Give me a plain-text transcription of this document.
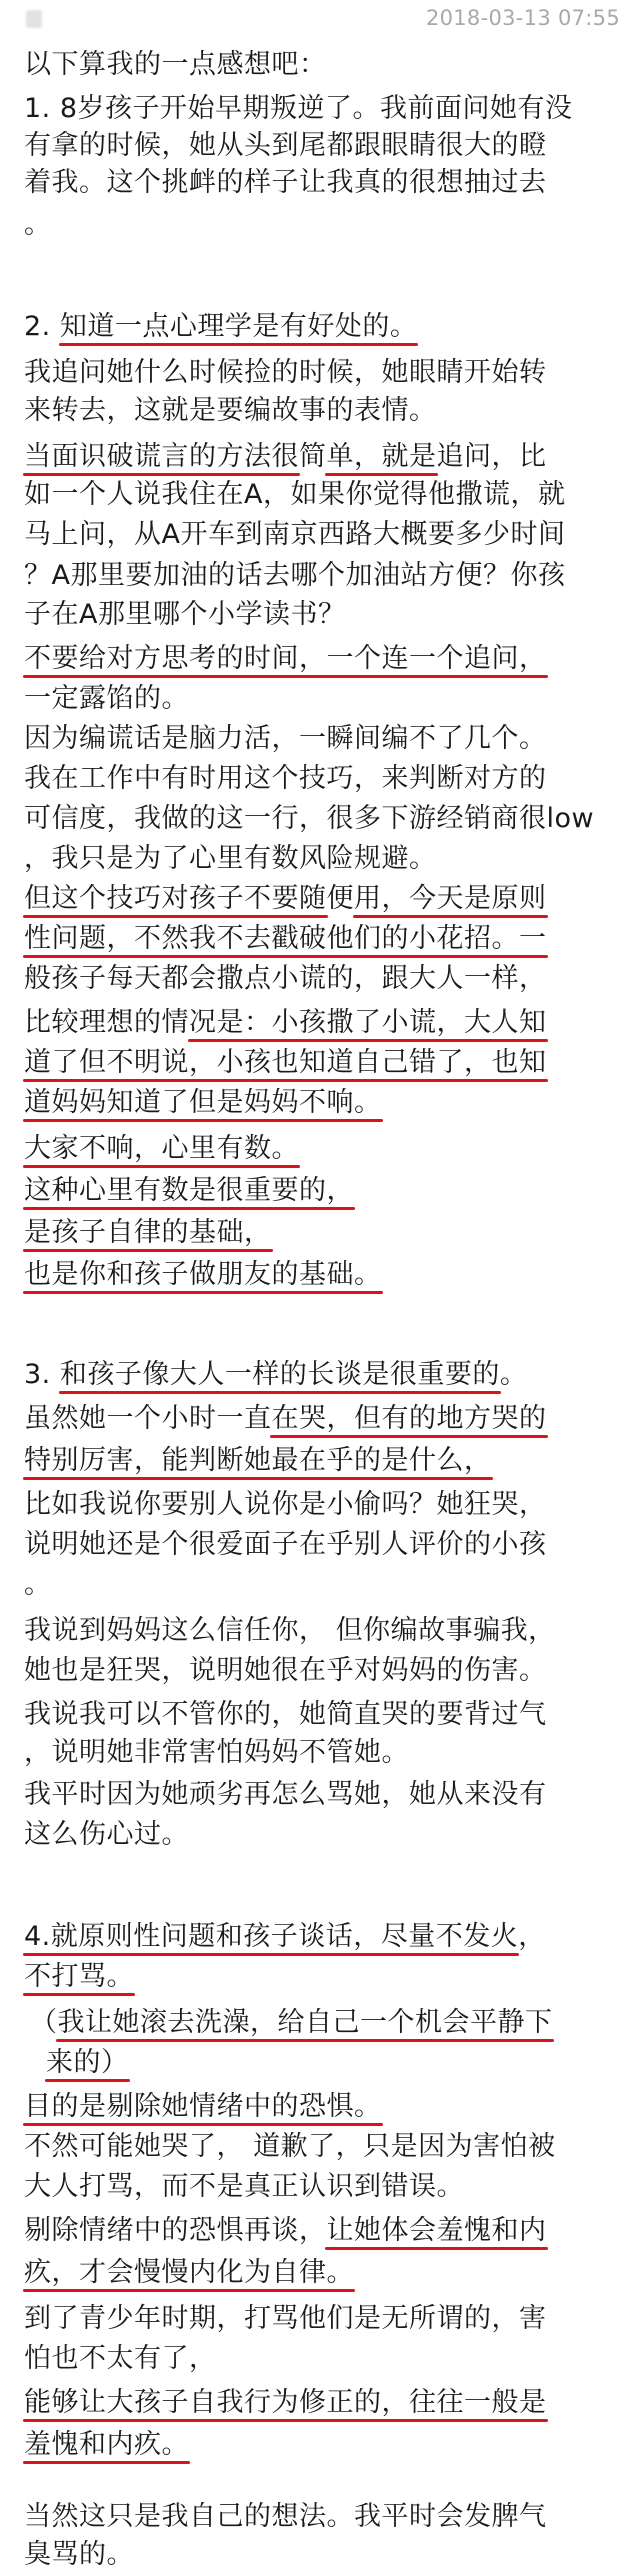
2018-03-13 07:55
以下算我的一点感想吧：
1. 8岁孩子开始早期叛逆了。我前面问她有没
有拿的时候，她从头到尾都跟眼睛很大的瞪
着我。这个挑衅的样子让我真的很想抽过去
。
2. 知道一点心理学是有好处的。
我追问她什么时候捡的时候，她眼睛开始转
来转去，这就是要编故事的表情。
当面识破谎言的方法很简单，就是追问，比
如一个人说我住在A，如果你觉得他撒谎，就
马上问，从A开车到南京西路大概要多少时间
？A那里要加油的话去哪个加油站方便？你孩
子在A那里哪个小学读书？
不要给对方思考的时间，一个连一个追问，
一定露馅的。
因为编谎话是脑力活，一瞬间编不了几个。
我在工作中有时用这个技巧，来判断对方的
可信度，我做的这一行，很多下游经销商很low
，我只是为了心里有数风险规避。
但这个技巧对孩子不要随便用，今天是原则
性问题，不然我不去戳破他们的小花招。一
般孩子每天都会撒点小谎的，跟大人一样，
比较理想的情况是：小孩撒了小谎，大人知
道了但不明说，小孩也知道自己错了，也知
道妈妈知道了但是妈妈不响。
大家不响，心里有数。
这种心里有数是很重要的，
是孩子自律的基础，
也是你和孩子做朋友的基础。
3. 和孩子像大人一样的长谈是很重要的。
虽然她一个小时一直在哭，但有的地方哭的
特别厉害，能判断她最在乎的是什么，
比如我说你要别人说你是小偷吗？她狂哭，
说明她还是个很爱面子在乎别人评价的小孩
。
我说到妈妈这么信任你， 但你编故事骗我，
她也是狂哭，说明她很在乎对妈妈的伤害。
我说我可以不管你的，她简直哭的要背过气
，说明她非常害怕妈妈不管她。
我平时因为她顽劣再怎么骂她，她从来没有
这么伤心过。
4.就原则性问题和孩子谈话，尽量不发火，
不打骂。
（我让她滚去洗澡，给自己一个机会平静下
来的）
目的是剔除她情绪中的恐惧。
不然可能她哭了， 道歉了，只是因为害怕被
大人打骂，而不是真正认识到错误。
剔除情绪中的恐惧再谈，让她体会羞愧和内
疚，才会慢慢内化为自律。
到了青少年时期，打骂他们是无所谓的，害
怕也不太有了，
能够让大孩子自我行为修正的，往往一般是
羞愧和内疚。
当然这只是我自己的想法。我平时会发脾气
臭骂的。
